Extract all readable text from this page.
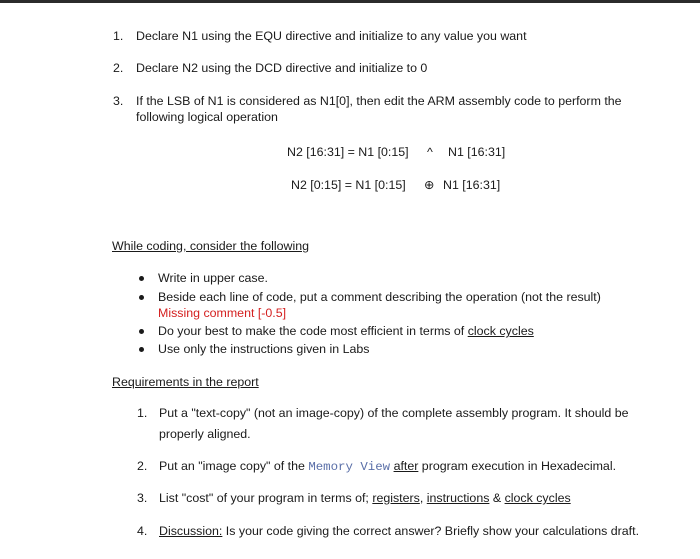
1. Declare N1 using the EQU directive and initialize to any value you want
2. Declare N2 using the DCD directive and initialize to 0
3. If the LSB of N1 is considered as N1[0], then edit the ARM assembly code to perform the
following logical operation
N2 [16:31] = N1 [0:15] ^ N1 [16:31]
N2 [0:15] = N1 [0:15] ⊕ N1 [16:31]
While coding, consider the following
Write in upper case.
Beside each line of code, put a comment describing the operation (not the result)
Missing comment [-0.5]
Do your best to make the code most efficient in terms of clock cycles
Use only the instructions given in Labs
Requirements in the report
1. Put a "text-copy" (not an image-copy) of the complete assembly program. It should be
properly aligned.
2. Put an "image copy" of the Memory View after program execution in Hexadecimal.
3. List "cost" of your program in terms of; registers, instructions & clock cycles
4. Discussion: Is your code giving the correct answer? Briefly show your calculations draft.
